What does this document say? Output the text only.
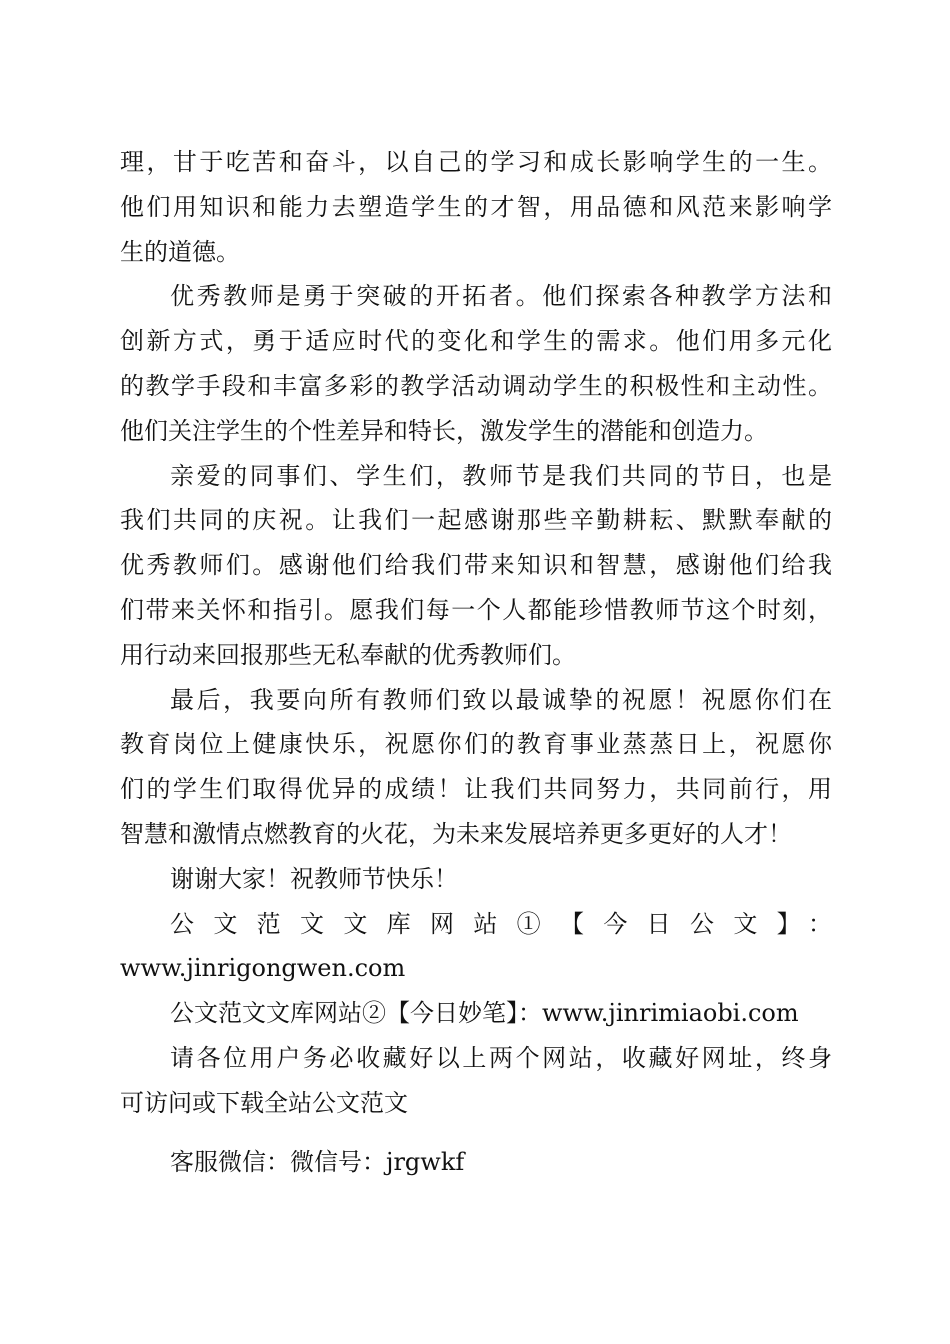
理，甘于吃苦和奋斗，以自己的学习和成长影响学生的一生。
他们用知识和能力去塑造学生的才智，用品德和风范来影响学
生的道德。
优秀教师是勇于突破的开拓者。他们探索各种教学方法和
创新方式，勇于适应时代的变化和学生的需求。他们用多元化
的教学手段和丰富多彩的教学活动调动学生的积极性和主动性。
他们关注学生的个性差异和特长，激发学生的潜能和创造力。
亲爱的同事们、学生们，教师节是我们共同的节日，也是
我们共同的庆祝。让我们一起感谢那些辛勤耕耘、默默奉献的
优秀教师们。感谢他们给我们带来知识和智慧，感谢他们给我
们带来关怀和指引。愿我们每一个人都能珍惜教师节这个时刻，
用行动来回报那些无私奉献的优秀教师们。
最后，我要向所有教师们致以最诚挚的祝愿！祝愿你们在
教育岗位上健康快乐，祝愿你们的教育事业蒸蒸日上，祝愿你
们的学生们取得优异的成绩！让我们共同努力，共同前行，用
智慧和激情点燃教育的火花，为未来发展培养更多更好的人才！
谢谢大家！祝教师节快乐！
公文范文文库网站①【今日公文】：
www.jinrigongwen.com
公文范文文库网站②【今日妙笔】：www.jinrimiaobi.com
请各位用户务必收藏好以上两个网站，收藏好网址，终身
可访问或下载全站公文范文
客服微信：微信号：jrgwkf
